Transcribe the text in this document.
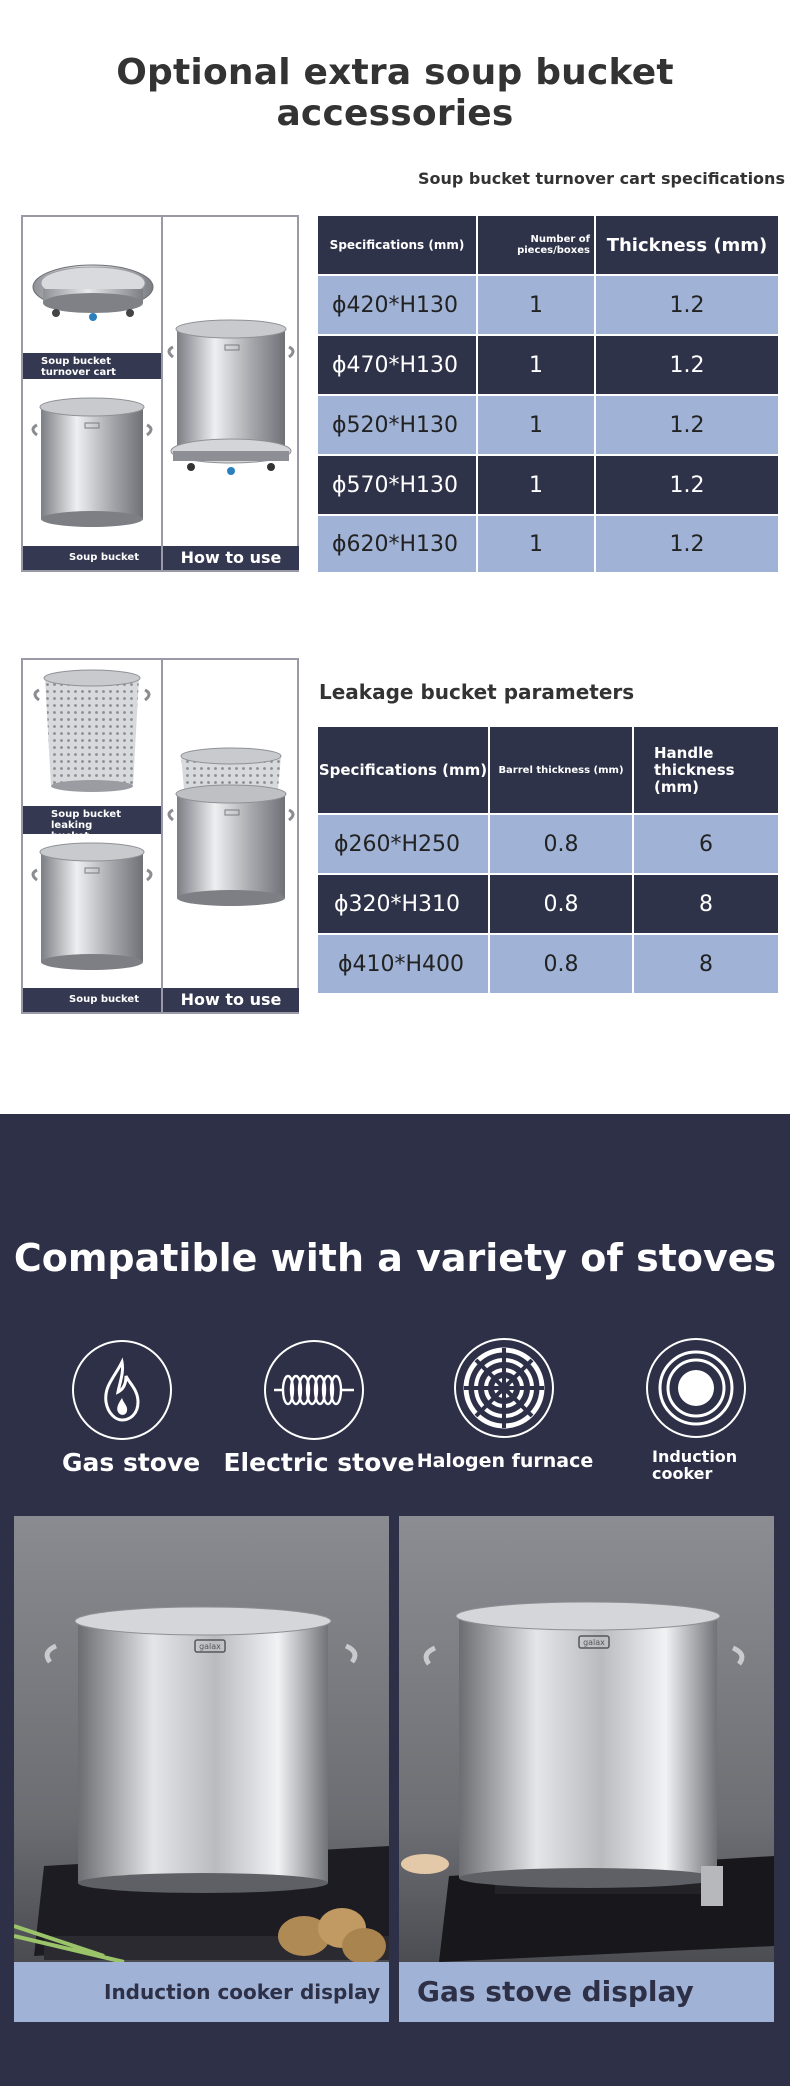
Optional extra soup bucket accessories
Soup bucket turnover cart specifications
Soup bucket turnover cart
Soup bucket	How to use
Specifications (mm)	Number of pieces/boxes	Thickness (mm)
ϕ420*H130	1	1.2
ϕ470*H130	1	1.2
ϕ520*H130	1	1.2
ϕ570*H130	1	1.2
ϕ620*H130	1	1.2
Soup bucket leaking bucket
Soup bucket	How to use
Leakage bucket parameters
Specifications (mm)	Barrel thickness (mm)	Handle thickness (mm)
ϕ260*H250	0.8	6
ϕ320*H310	0.8	8
ϕ410*H400	0.8	8
Compatible with a variety of stoves
Gas stove Electric stove Halogen furnace	Induction cooker
galax
Induction cooker display
galax
Gas stove display
